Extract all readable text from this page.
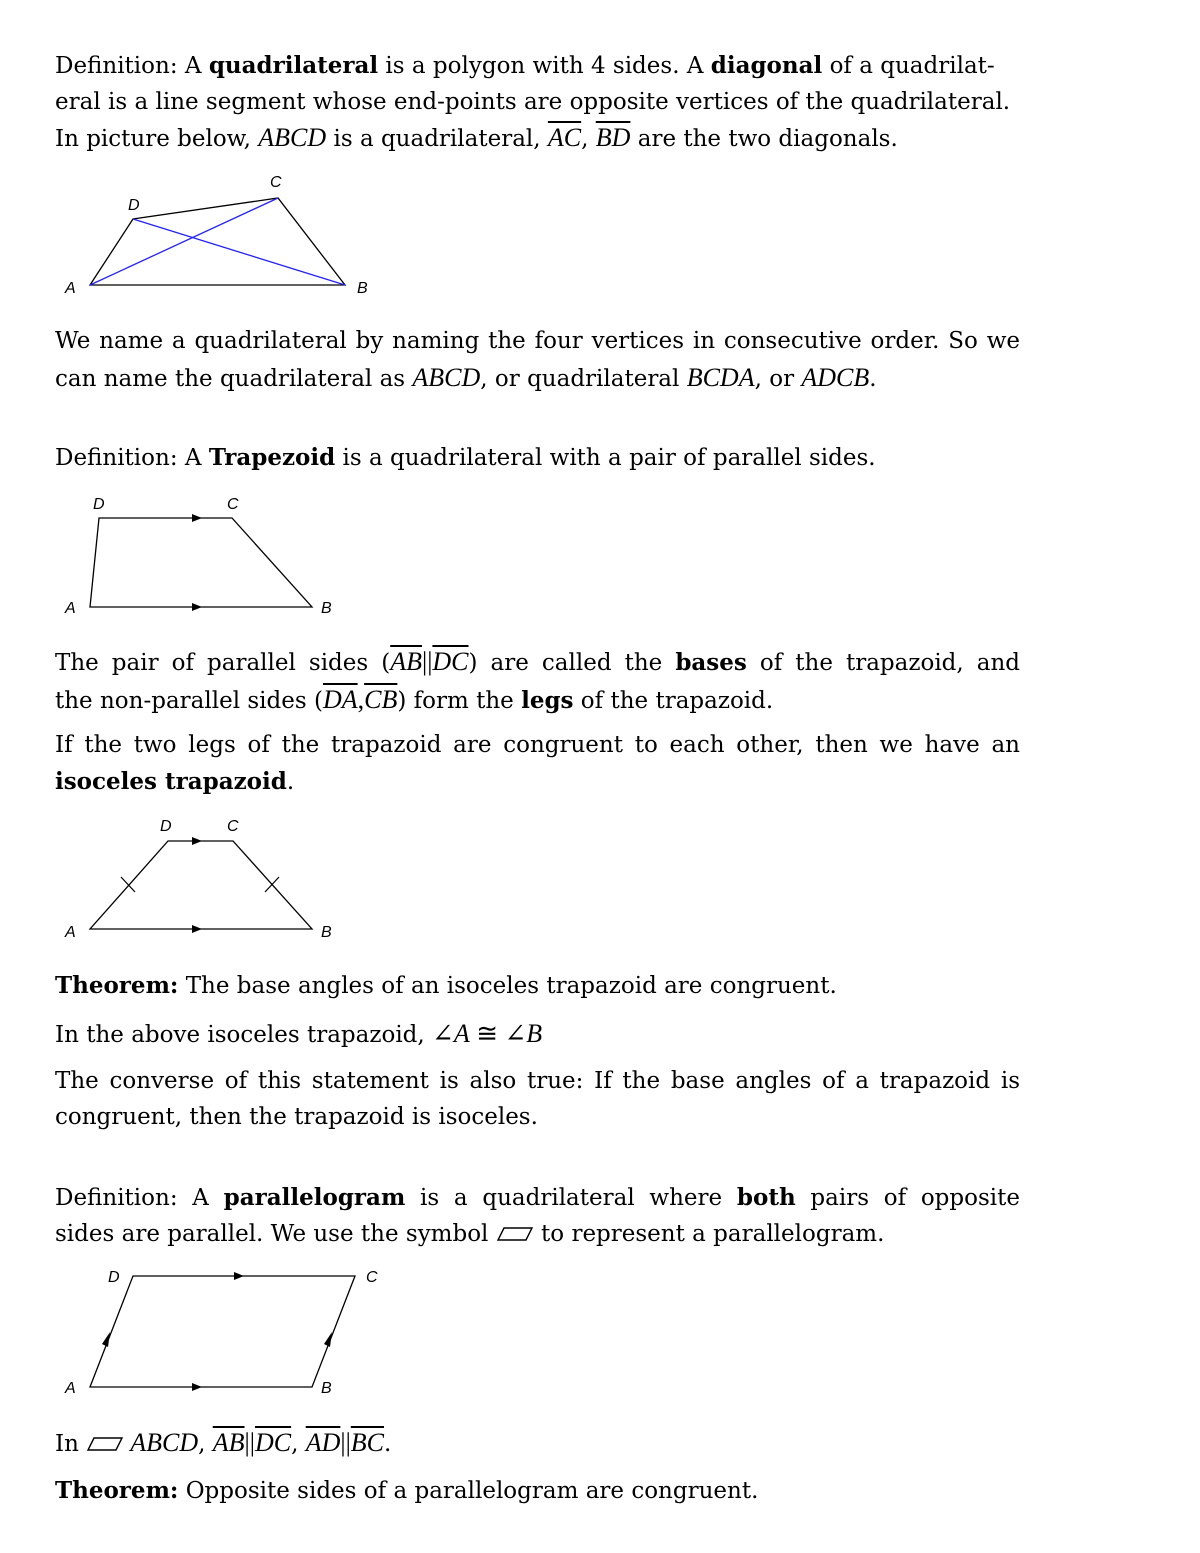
Definition: A quadrilateral is a polygon with 4 sides. A diagonal of a quadrilat-
eral is a line segment whose end-points are opposite vertices of the quadrilateral.
In picture below, ABCD is a quadrilateral, $\overline{AC}$, $\overline{BD}$ are the two diagonals.
A	B
C
D
We name a quadrilateral by naming the four vertices in consecutive order. So we
can name the quadrilateral as ABCD, or quadrilateral BCDA, or ADCB.
Definition: A Trapezoid is a quadrilateral with a pair of parallel sides.
A	B
C
D
The pair of parallel sides $(\overline{AB}||\overline{DC})$ are called the bases of the trapazoid, and
the non-parallel sides $(\overline{DA},\overline{CB})$ form the legs of the trapazoid.
If the two legs of the trapazoid are congruent to each other, then we have an
isoceles trapazoid.
A	B
C
D
Theorem: The base angles of an isoceles trapazoid are congruent.
In the above isoceles trapazoid, ∠A ≅ ∠B
The converse of this statement is also true: If the base angles of a trapazoid is
congruent, then the trapazoid is isoceles.
Definition: A parallelogram is a quadrilateral where both pairs of opposite
sides are parallel. We use the symbol  to represent a parallelogram.
A	B
C
D
In  ABCD, $\overline{AB}||\overline{DC}$, $\overline{AD}||\overline{BC}$.
Theorem: Opposite sides of a parallelogram are congruent.
